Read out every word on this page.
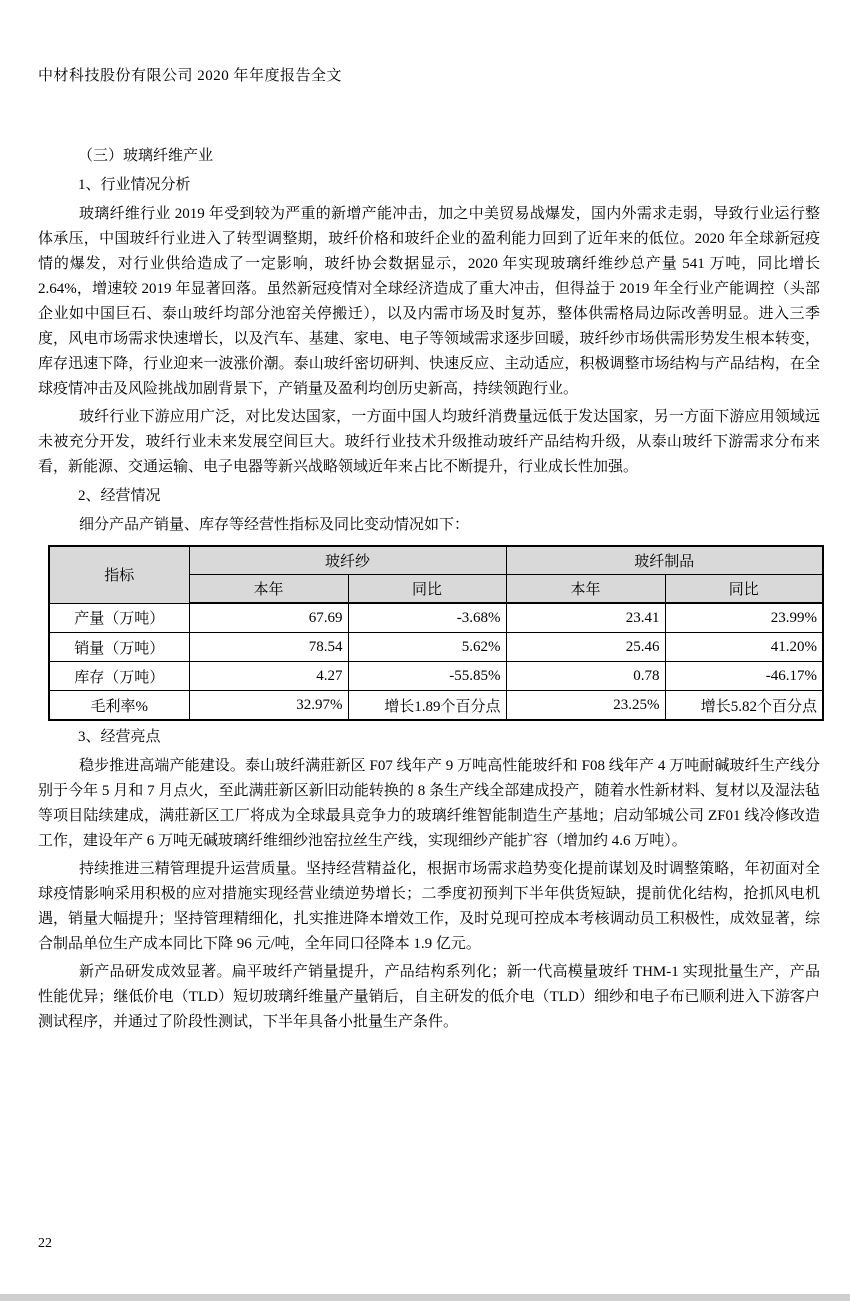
中材科技股份有限公司 2020 年年度报告全文

（三）玻璃纤维产业

1、行业情况分析

玻璃纤维行业 2019 年受到较为严重的新增产能冲击，加之中美贸易战爆发，国内外需求走弱，导致行业运行整体承压，中国玻纤行业进入了转型调整期，玻纤价格和玻纤企业的盈利能力回到了近年来的低位。2020 年全球新冠疫情的爆发，对行业供给造成了一定影响，玻纤协会数据显示，2020 年实现玻璃纤维纱总产量 541 万吨，同比增长 2.64%，增速较 2019 年显著回落。虽然新冠疫情对全球经济造成了重大冲击，但得益于 2019 年全行业产能调控（头部企业如中国巨石、泰山玻纤均部分池窑关停搬迁），以及内需市场及时复苏，整体供需格局边际改善明显。进入三季度，风电市场需求快速增长，以及汽车、基建、家电、电子等领域需求逐步回暖，玻纤纱市场供需形势发生根本转变，库存迅速下降，行业迎来一波涨价潮。泰山玻纤密切研判、快速反应、主动适应，积极调整市场结构与产品结构，在全球疫情冲击及风险挑战加剧背景下，产销量及盈利均创历史新高，持续领跑行业。

玻纤行业下游应用广泛，对比发达国家，一方面中国人均玻纤消费量远低于发达国家，另一方面下游应用领域远未被充分开发，玻纤行业未来发展空间巨大。玻纤行业技术升级推动玻纤产品结构升级，从泰山玻纤下游需求分布来看，新能源、交通运输、电子电器等新兴战略领域近年来占比不断提升，行业成长性加强。

2、经营情况

细分产品产销量、库存等经营性指标及同比变动情况如下：

指标	玻纤纱		玻纤制品	
	本年	同比	本年	同比
产量（万吨）	67.69	-3.68%	23.41	23.99%
销量（万吨）	78.54	5.62%	25.46	41.20%
库存（万吨）	4.27	-55.85%	0.78	-46.17%
毛利率%	32.97%	增长1.89个百分点	23.25%	增长5.82个百分点

3、经营亮点

稳步推进高端产能建设。泰山玻纤满莊新区 F07 线年产 9 万吨高性能玻纤和 F08 线年产 4 万吨耐碱玻纤生产线分别于今年 5 月和 7 月点火，至此满莊新区新旧动能转换的 8 条生产线全部建成投产，随着水性新材料、复材以及湿法毡等项目陆续建成，满莊新区工厂将成为全球最具竞争力的玻璃纤维智能制造生产基地；启动邹城公司 ZF01 线冷修改造工作，建设年产 6 万吨无碱玻璃纤维细纱池窑拉丝生产线，实现细纱产能扩容（增加约 4.6 万吨）。

持续推进三精管理提升运营质量。坚持经营精益化，根据市场需求趋势变化提前谋划及时调整策略，年初面对全球疫情影响采用积极的应对措施实现经营业绩逆势增长；二季度初预判下半年供货短缺，提前优化结构，抢抓风电机遇，销量大幅提升；坚持管理精细化，扎实推进降本增效工作，及时兑现可控成本考核调动员工积极性，成效显著，综合制品单位生产成本同比下降 96 元/吨，全年同口径降本 1.9 亿元。

新产品研发成效显著。扁平玻纤产销量提升，产品结构系列化；新一代高模量玻纤 THM-1 实现批量生产，产品性能优异；继低价电（TLD）短切玻璃纤维量产量销后，自主研发的低介电（TLD）细纱和电子布已顺利进入下游客户测试程序，并通过了阶段性测试，下半年具备小批量生产条件。

22
